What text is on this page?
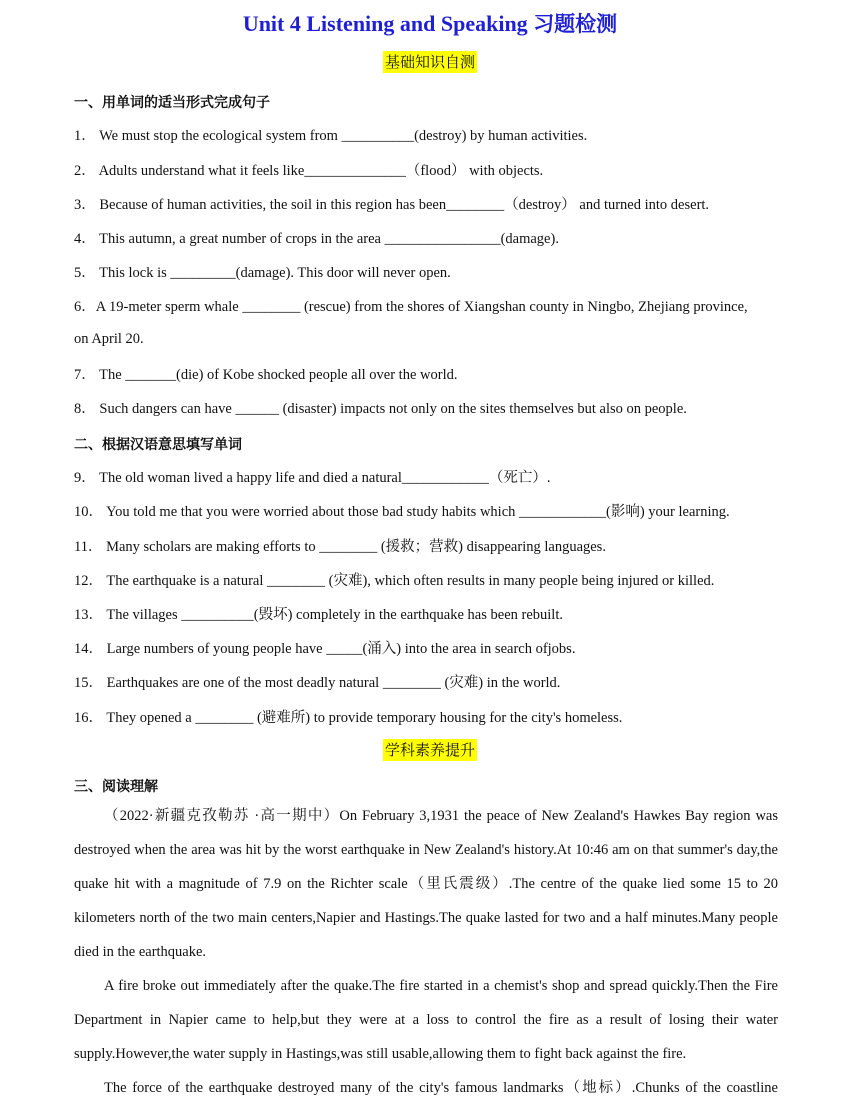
Unit 4 Listening and Speaking 习题检测
基础知识自测
一、用单词的适当形式完成句子
1． We must stop the ecological system from __________(destroy) by human activities.
2． Adults understand what it feels like______________（flood） with objects.
3． Because of human activities, the soil in this region has been________（destroy） and turned into desert.
4． This autumn, a great number of crops in the area ________________(damage).
5． This lock is _________(damage). This door will never open.
6．A 19-meter sperm whale ________ (rescue) from the shores of Xiangshan county in Ningbo, Zhejiang province,
on April 20.
7． The _______(die) of Kobe shocked people all over the world.
8． Such dangers can have ______ (disaster) impacts not only on the sites themselves but also on people.
二、根据汉语意思填写单词
9． The old woman lived a happy life and died a natural____________（死亡）.
10． You told me that you were worried about those bad study habits which ____________(影响) your learning.
11． Many scholars are making efforts to ________ (援救；营救) disappearing languages.
12． The earthquake is a natural ________ (灾难), which often results in many people being injured or killed.
13． The villages __________(毁坏) completely in the earthquake has been rebuilt.
14． Large numbers of young people have _____(涌入) into the area in search ofjobs.
15． Earthquakes are one of the most deadly natural ________ (灾难) in the world.
16． They opened a ________ (避难所) to provide temporary housing for the city's homeless.
学科素养提升
三、阅读理解
（2022·新疆克孜勒苏 ·高一期中）On February 3,1931 the peace of New Zealand's Hawkes Bay region was destroyed when the area was hit by the worst earthquake in New Zealand's history.At 10:46 am on that summer's day,the quake hit with a magnitude of 7.9 on the Richter scale（里氏震级）.The centre of the quake lied some 15 to 20 kilometers north of the two main centers,Napier and Hastings.The quake lasted for two and a half minutes.Many people died in the earthquake.
A fire broke out immediately after the quake.The fire started in a chemist's shop and spread quickly.Then the Fire Department in Napier came to help,but they were at a loss to control the fire as a result of losing their water supply.However,the water supply in Hastings,was still usable,allowing them to fight back against the fire.
The force of the earthquake destroyed many of the city's famous landmarks（地标）.Chunks of the coastline
